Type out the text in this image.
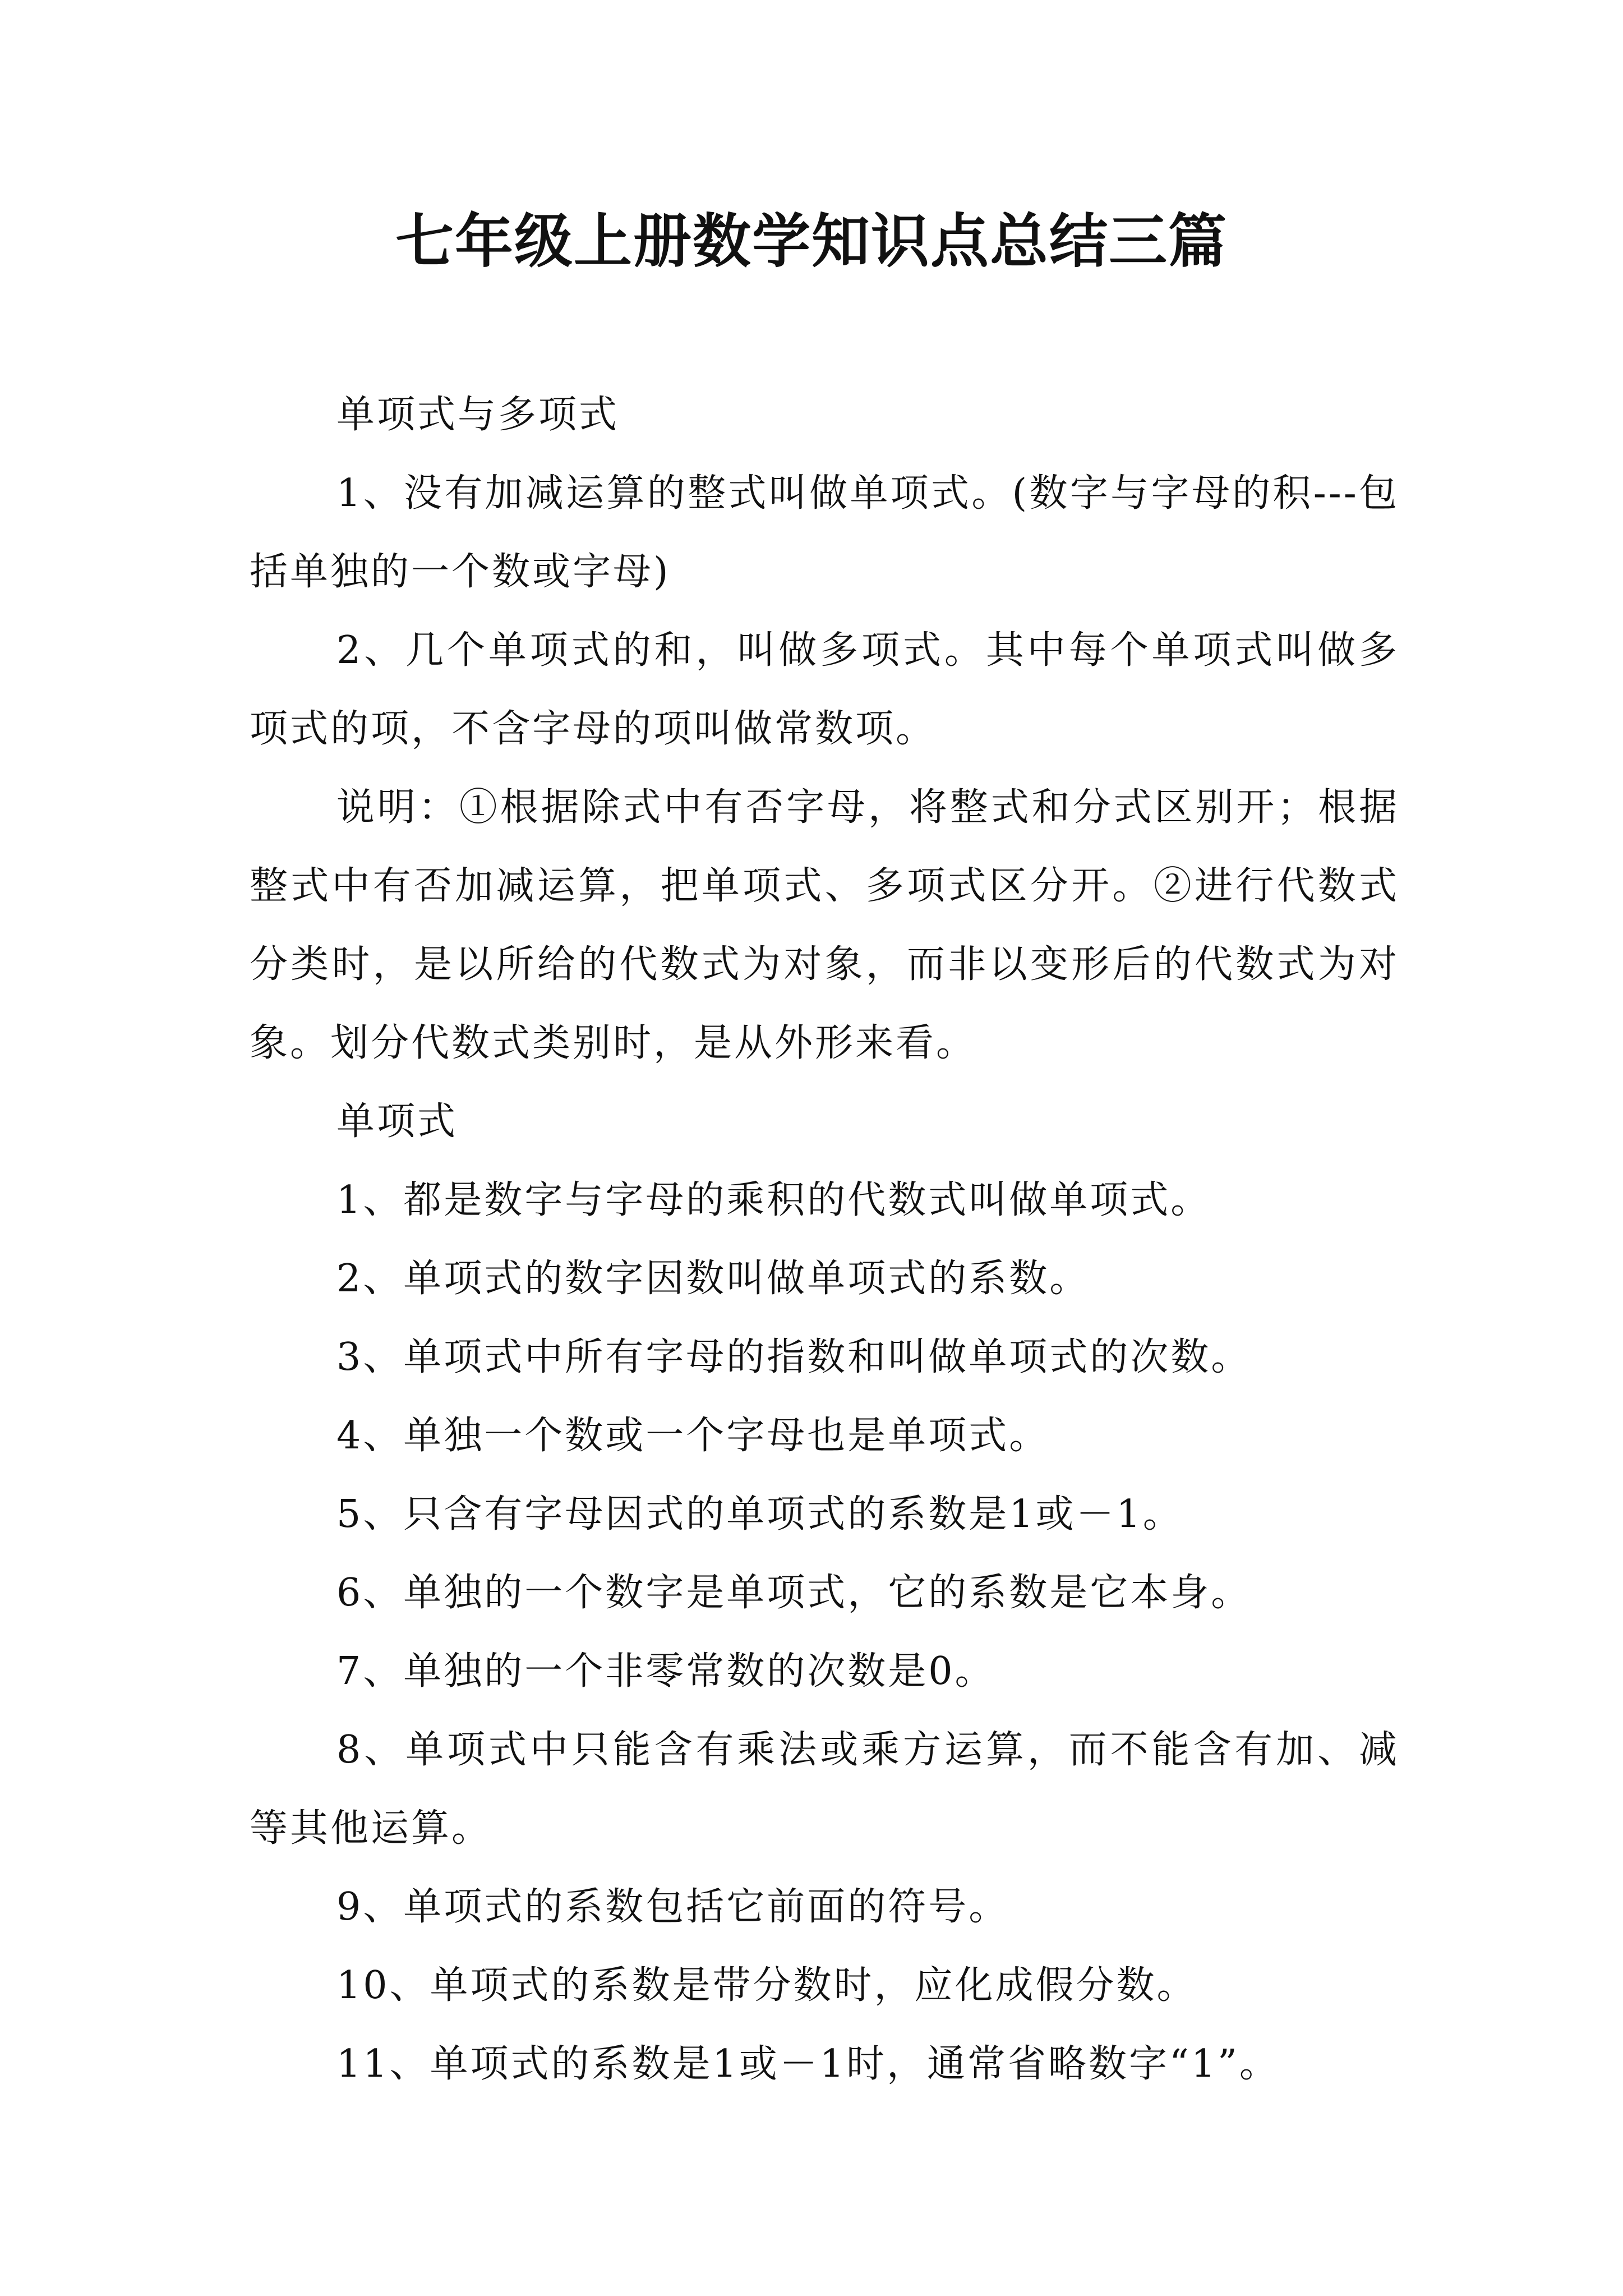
七年级上册数学知识点总结三篇

单项式与多项式

1、没有加减运算的整式叫做单项式。(数字与字母的积---包括单独的一个数或字母)

2、几个单项式的和，叫做多项式。其中每个单项式叫做多项式的项，不含字母的项叫做常数项。

说明：①根据除式中有否字母，将整式和分式区别开；根据整式中有否加减运算，把单项式、多项式区分开。②进行代数式分类时，是以所给的代数式为对象，而非以变形后的代数式为对象。划分代数式类别时，是从外形来看。

单项式

1、都是数字与字母的乘积的代数式叫做单项式。

2、单项式的数字因数叫做单项式的系数。

3、单项式中所有字母的指数和叫做单项式的次数。

4、单独一个数或一个字母也是单项式。

5、只含有字母因式的单项式的系数是1或－1。

6、单独的一个数字是单项式，它的系数是它本身。

7、单独的一个非零常数的次数是0。

8、单项式中只能含有乘法或乘方运算，而不能含有加、减等其他运算。

9、单项式的系数包括它前面的符号。

10、单项式的系数是带分数时，应化成假分数。

11、单项式的系数是1或－1时，通常省略数字“1”。
